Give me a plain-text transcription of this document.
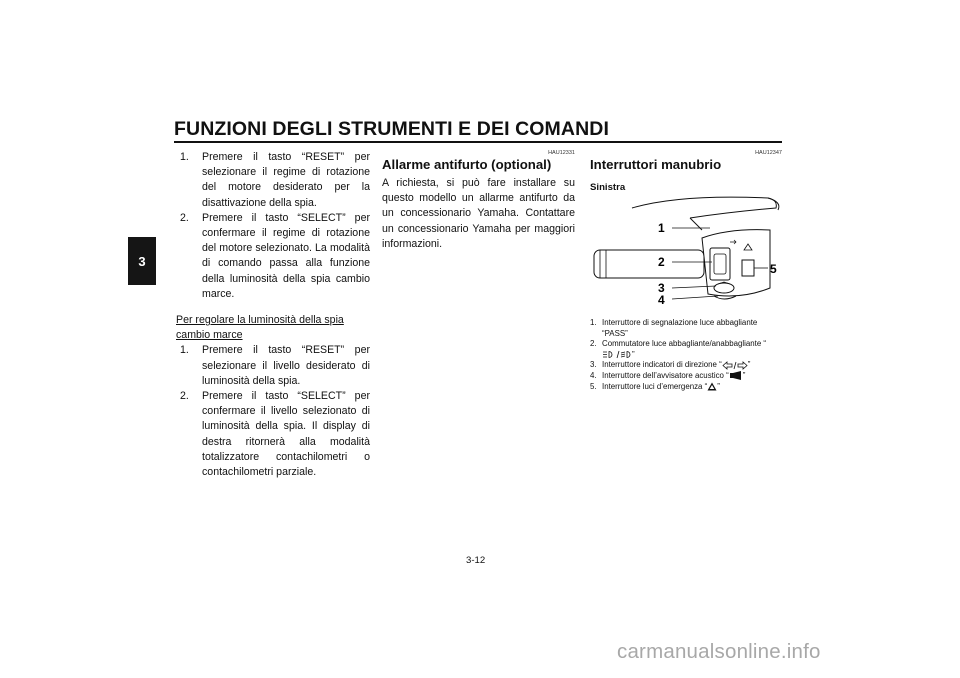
FUNZIONI DEGLI STRUMENTI E DEI COMANDI
3
1.	Premere il tasto “RESET” per selezionare il regime di rotazione del motore desiderato per la disattivazione della spia.
2.	Premere il tasto “SELECT” per confermare il regime di rotazione del motore selezionato. La modalità di comando passa alla funzione della luminosità della spia cambio marce.
Per regolare la luminosità della spia cambio marce
1.	Premere il tasto “RESET” per selezionare il livello desiderato di luminosità della spia.
2.	Premere il tasto “SELECT” per confermare il livello selezionato di luminosità della spia. Il display di destra ritornerà alla modalità totalizzatore contachilometri o contachilometri parziale.
HAU12331
Allarme antifurto (optional)
A richiesta, si può fare installare su questo modello un allarme antifurto da un concessionario Yamaha. Contattare un concessionario Yamaha per maggiori informazioni.
HAU12347
Interruttori manubrio
Sinistra
1
2
3
4
5
1. Interruttore di segnalazione luce abbagliante “PASS”
2. Commutatore luce abbagliante/anabbagliante “”
3. Interruttore indicatori di direzione “	”
4. Interruttore dell’avvisatore acustico “ ”
5. Interruttore luci d’emergenza “ ”
3-12
carmanualsonline.info
